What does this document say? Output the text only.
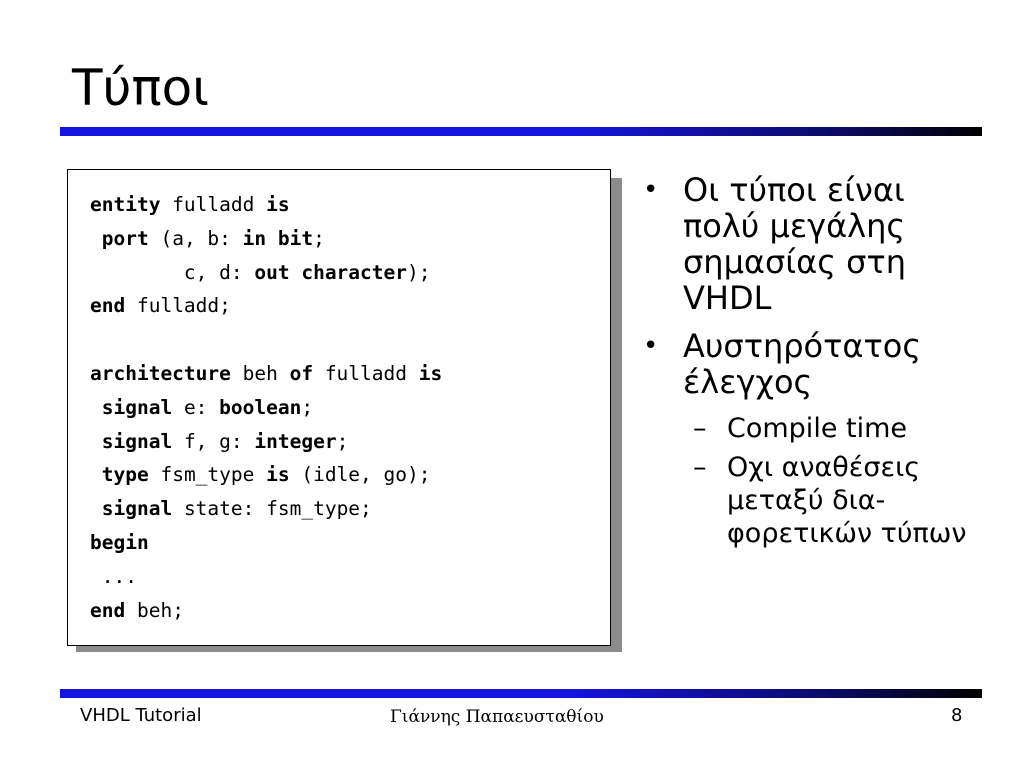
Τύποι
entity fulladd is
port (a, b: in bit;
c, d: out character);
end fulladd;

architecture beh of fulladd is
signal e: boolean;
signal f, g: integer;
type fsm_type is (idle, go);
signal state: fsm_type;
begin
...
end beh;
• Οι τύποι είναι πολύ μεγάλης σημασίας στη VHDL
• Αυστηρότατος έλεγχος
– Compile time
– Οχι αναθέσεις μεταξύ δια-φορετικών τύπων
VHDL Tutorial	Γιάννης Παπαευσταθίου	8
